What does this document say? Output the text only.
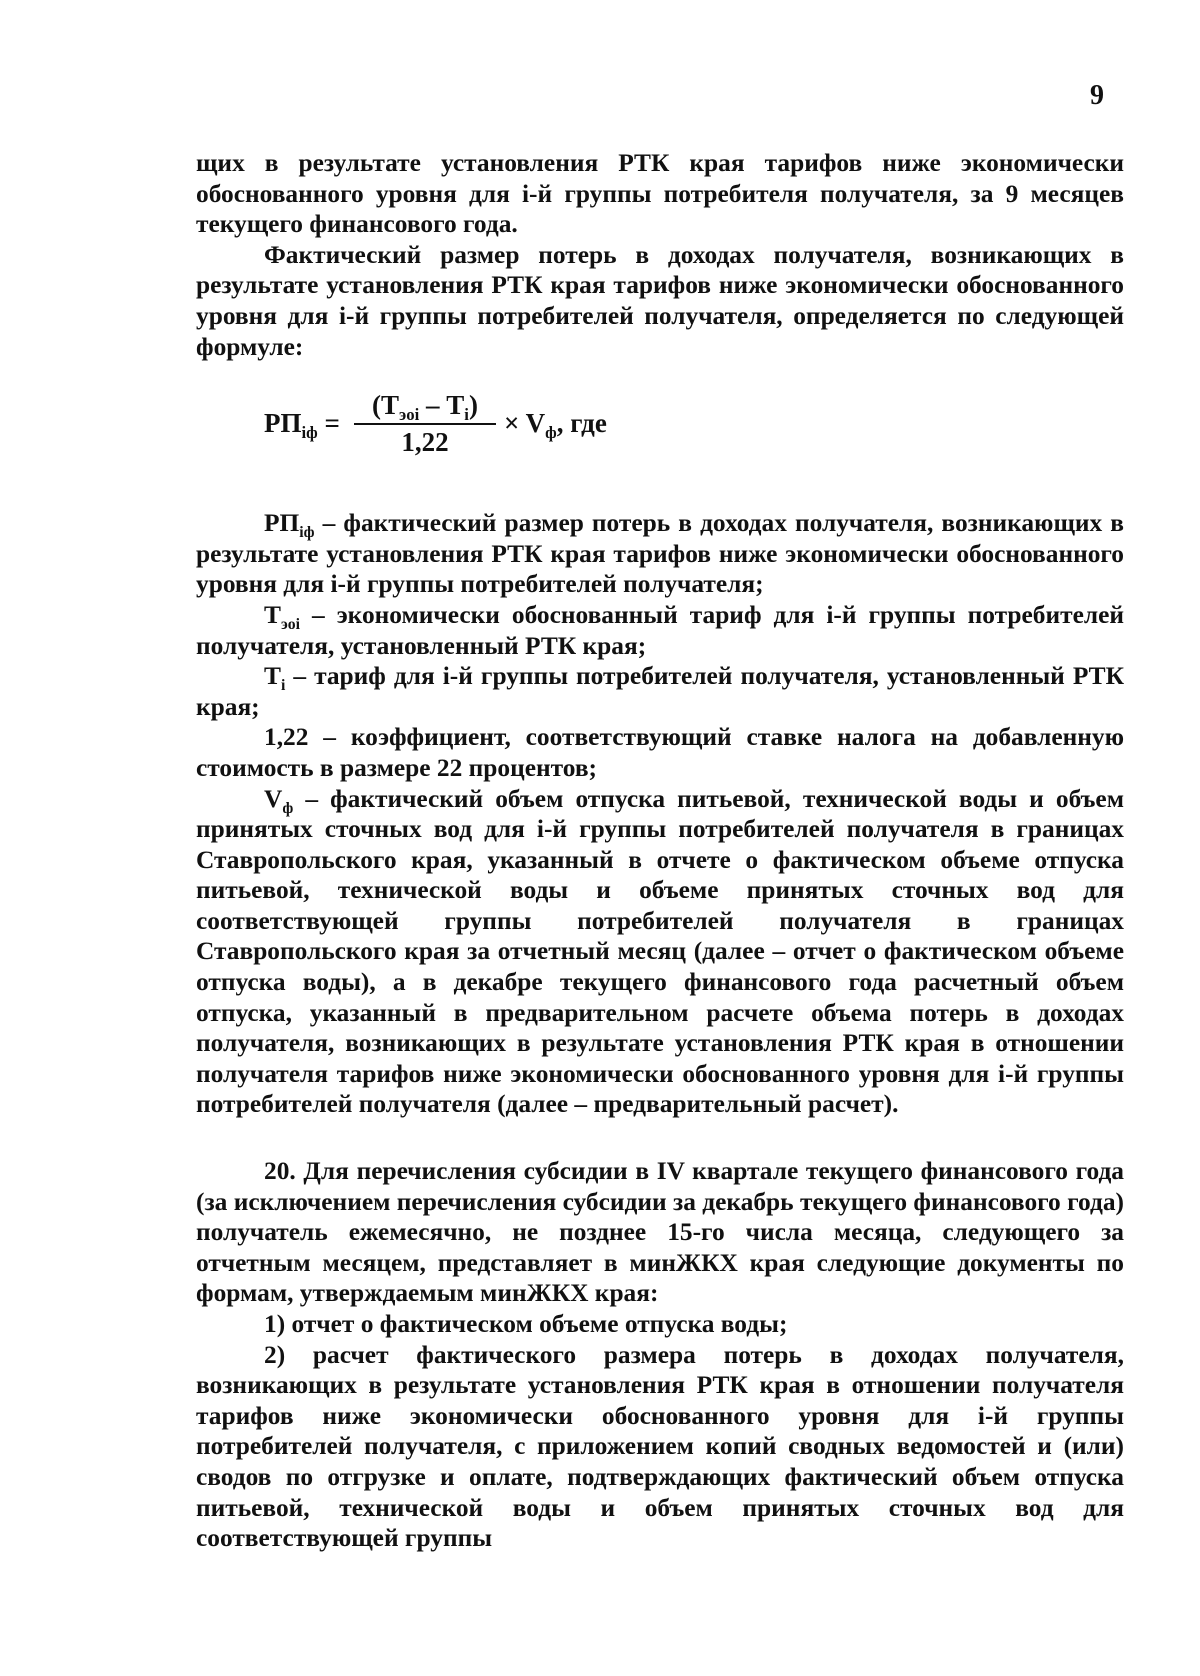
9

щих в результате установления РТК края тарифов ниже экономически обоснованного уровня для i-й группы потребителя получателя, за 9 месяцев текущего финансового года.

Фактический размер потерь в доходах получателя, возникающих в результате установления РТК края тарифов ниже экономически обоснованного уровня для i-й группы потребителей получателя, определяется по следующей формуле:

$РП_{iф}$ =
$(Т_{эоi} - Т_i)$
1,22
× $V_ф$, где

$РП_{iф}$ – фактический размер потерь в доходах получателя, возникающих в результате установления РТК края тарифов ниже экономически обоснованного уровня для i-й группы потребителей получателя;

$Т_{эоi}$ – экономически обоснованный тариф для i-й группы потребителей получателя, установленный РТК края;

$Т_i$ – тариф для i-й группы потребителей получателя, установленный РТК края;

1,22 – коэффициент, соответствующий ставке налога на добавленную стоимость в размере 22 процентов;

$V_ф$ – фактический объем отпуска питьевой, технической воды и объем принятых сточных вод для i-й группы потребителей получателя в границах Ставропольского края, указанный в отчете о фактическом объеме отпуска питьевой, технической воды и объеме принятых сточных вод для соответствующей группы потребителей получателя в границах Ставропольского края за отчетный месяц (далее – отчет о фактическом объеме отпуска воды), а в декабре текущего финансового года расчетный объем отпуска, указанный в предварительном расчете объема потерь в доходах получателя, возникающих в результате установления РТК края в отношении получателя тарифов ниже экономически обоснованного уровня для i-й группы потребителей получателя (далее – предварительный расчет).

20. Для перечисления субсидии в IV квартале текущего финансового года (за исключением перечисления субсидии за декабрь текущего финансового года) получатель ежемесячно, не позднее 15-го числа месяца, следующего за отчетным месяцем, представляет в минЖКХ края следующие документы по формам, утверждаемым минЖКХ края:

1) отчет о фактическом объеме отпуска воды;

2) расчет фактического размера потерь в доходах получателя, возникающих в результате установления РТК края в отношении получателя тарифов ниже экономически обоснованного уровня для i-й группы потребителей получателя, с приложением копий сводных ведомостей и (или) сводов по отгрузке и оплате, подтверждающих фактический объем отпуска питьевой, технической воды и объем принятых сточных вод для соответствующей группы
